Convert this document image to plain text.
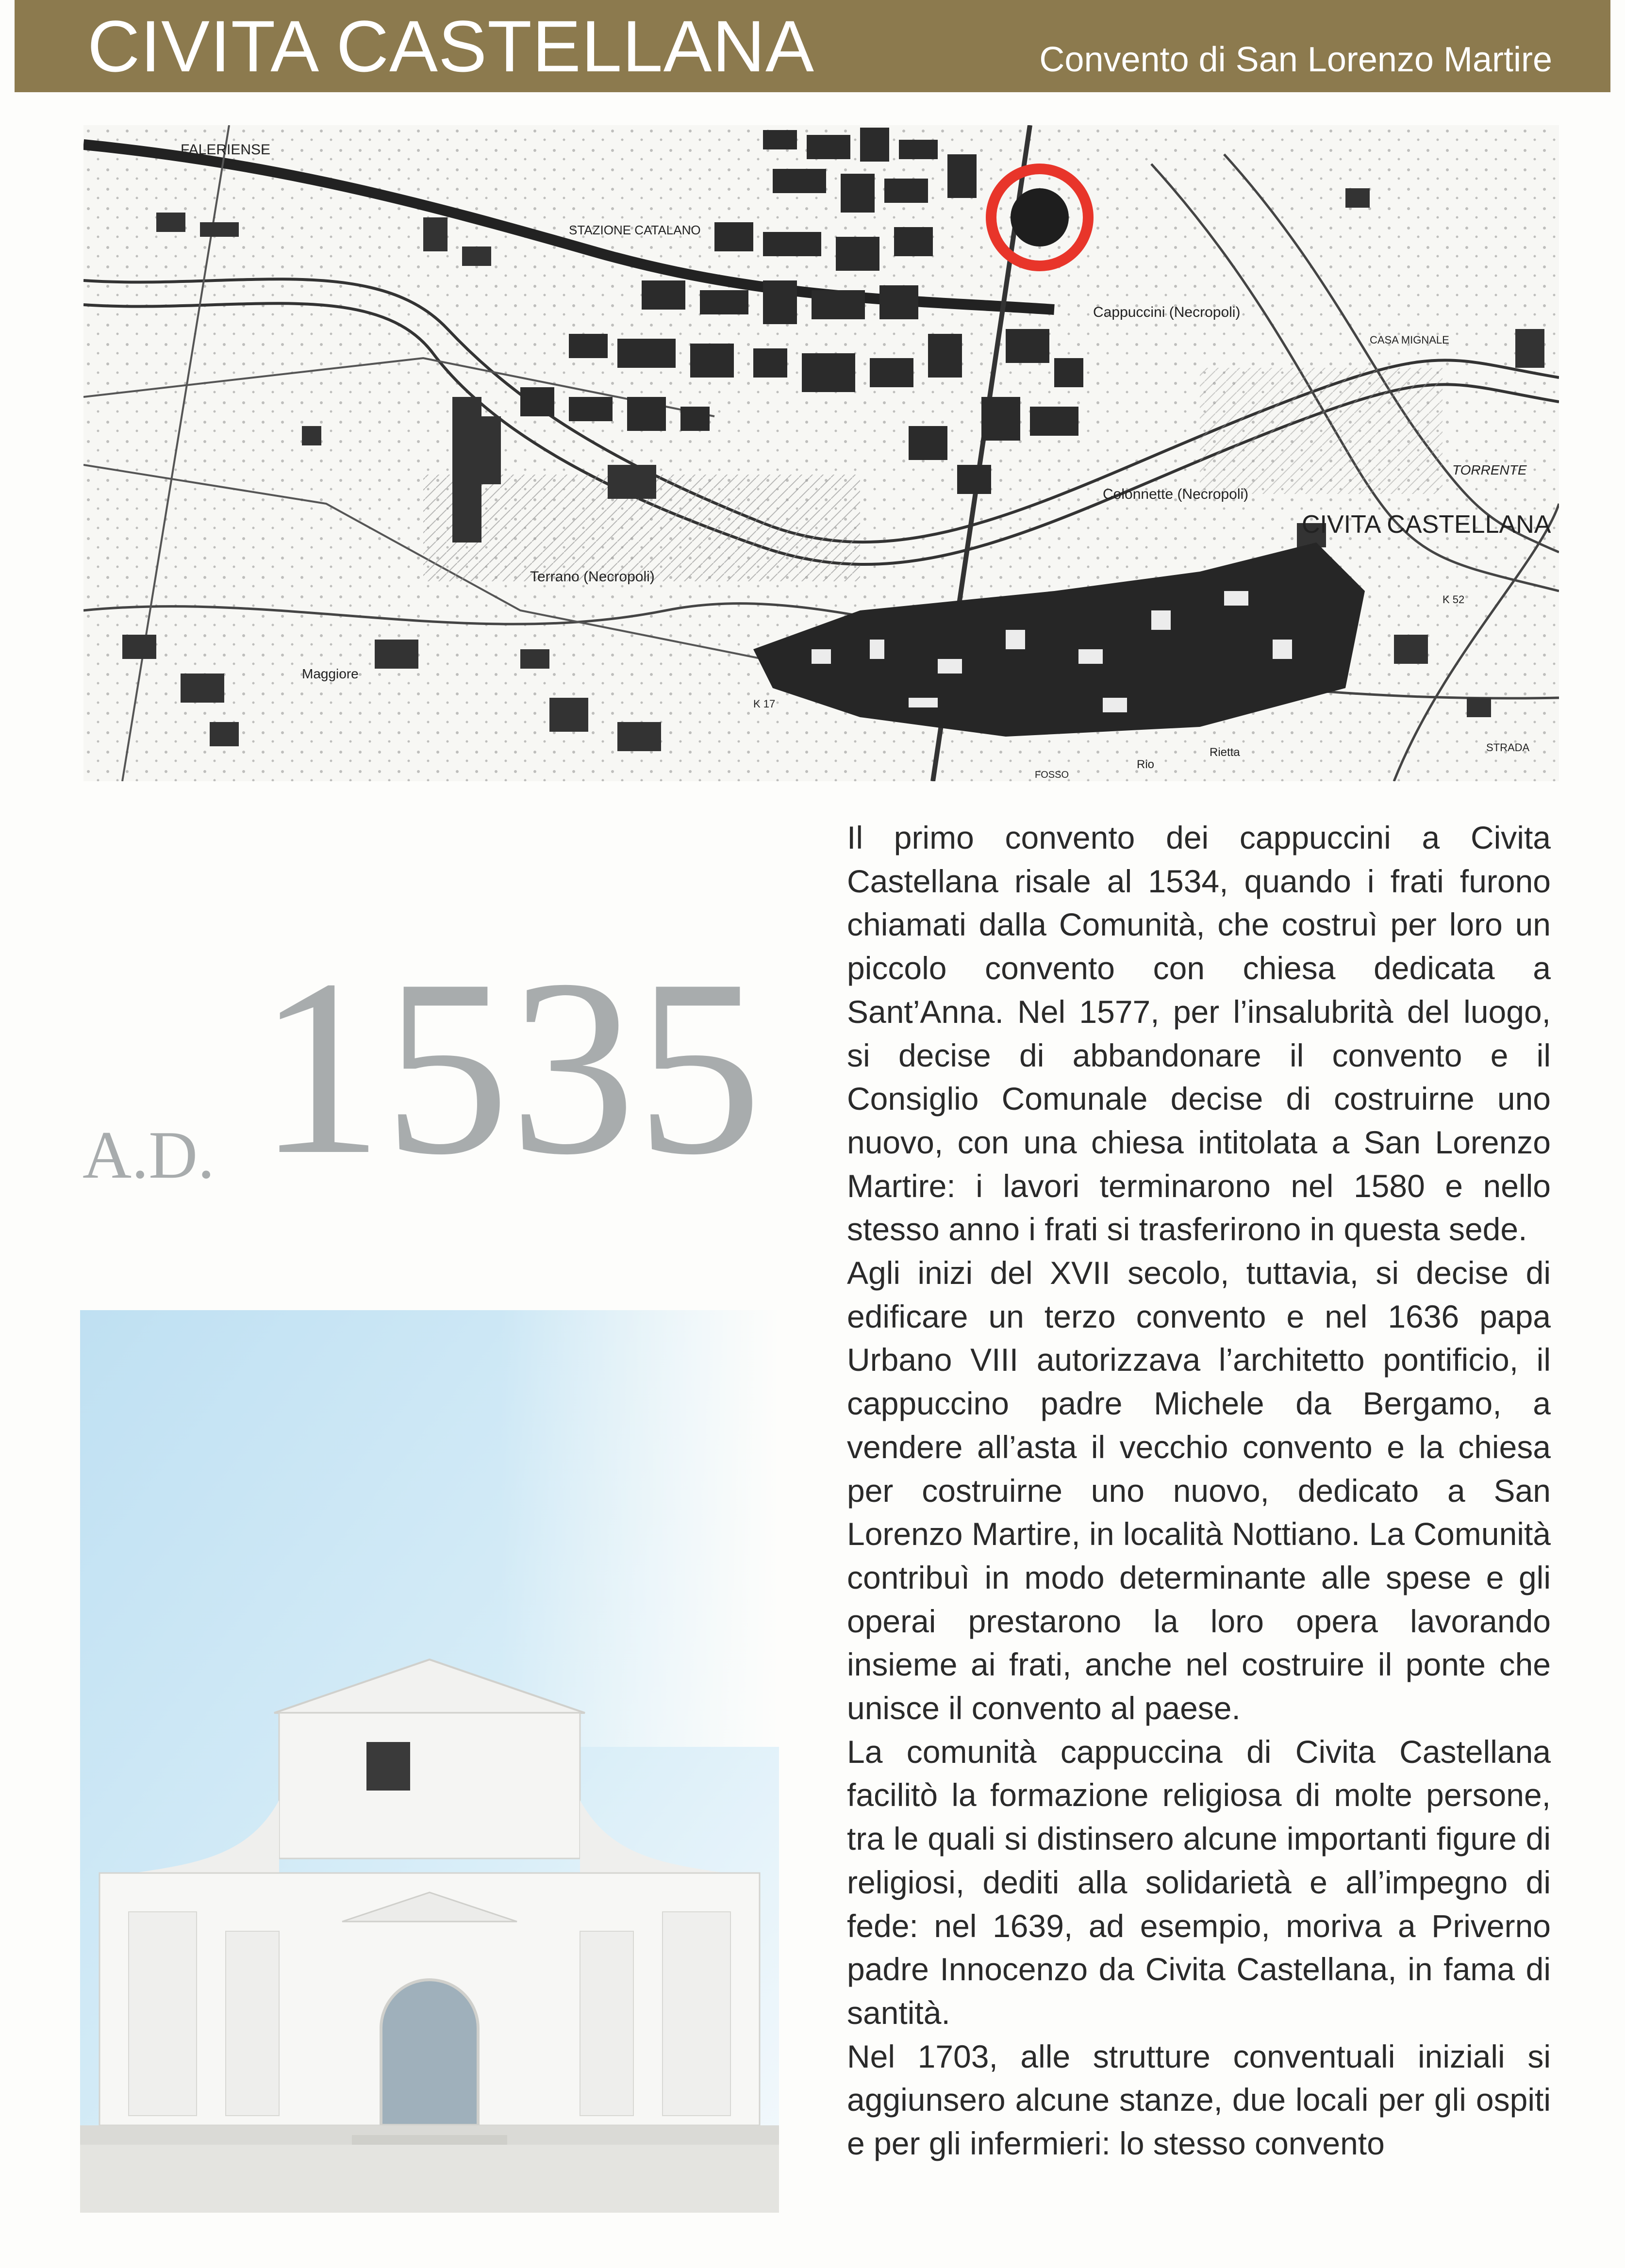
CIVITA CASTELLANA	Convento di San Lorenzo Martire
STAZIONE CATALANO
Cappuccini (Necropoli)
CASA MIGNALE
Colonnette (Necropoli)
TORRENTE
CIVITA CASTELLANA
Terrano (Necropoli)
Maggiore
FALERIENSE
K 52
K 17
FOSSO
Rio
Rietta	STRADA
A.D. 1535

Il primo convento dei cappuccini a Civita Castellana risale al 1534, quando i frati furono chiamati dalla Comunità, che costruì per loro un piccolo convento con chiesa dedicata a Sant’Anna. Nel 1577, per l’insalubrità del luogo, si decise di abbandonare il convento e il Consiglio Comunale decise di costruirne uno nuovo, con una chiesa intitolata a San Lorenzo Martire: i lavori terminarono nel 1580 e nello stesso anno i frati si trasferirono in questa sede.

Agli inizi del XVII secolo, tuttavia, si decise di edificare un terzo convento e nel 1636 papa Urbano VIII autorizzava l’architetto pontificio, il cappuccino padre Michele da Bergamo, a vendere all’asta il vecchio convento e la chiesa per costruirne uno nuovo, dedicato a San Lorenzo Martire, in località Nottiano. La Comunità contribuì in modo determinante alle spese e gli operai prestarono la loro opera lavorando insieme ai frati, anche nel costruire il ponte che unisce il convento al paese.

La comunità cappuccina di Civita Castellana facilitò la formazione religiosa di molte persone, tra le quali si distinsero alcune importanti figure di religiosi, dediti alla solidarietà e all’impegno di fede: nel 1639, ad esempio, moriva a Priverno padre Innocenzo da Civita Castellana, in fama di santità.

Nel 1703, alle strutture conventuali iniziali si aggiunsero alcune stanze, due locali per gli ospiti e per gli infermieri: lo stesso convento
